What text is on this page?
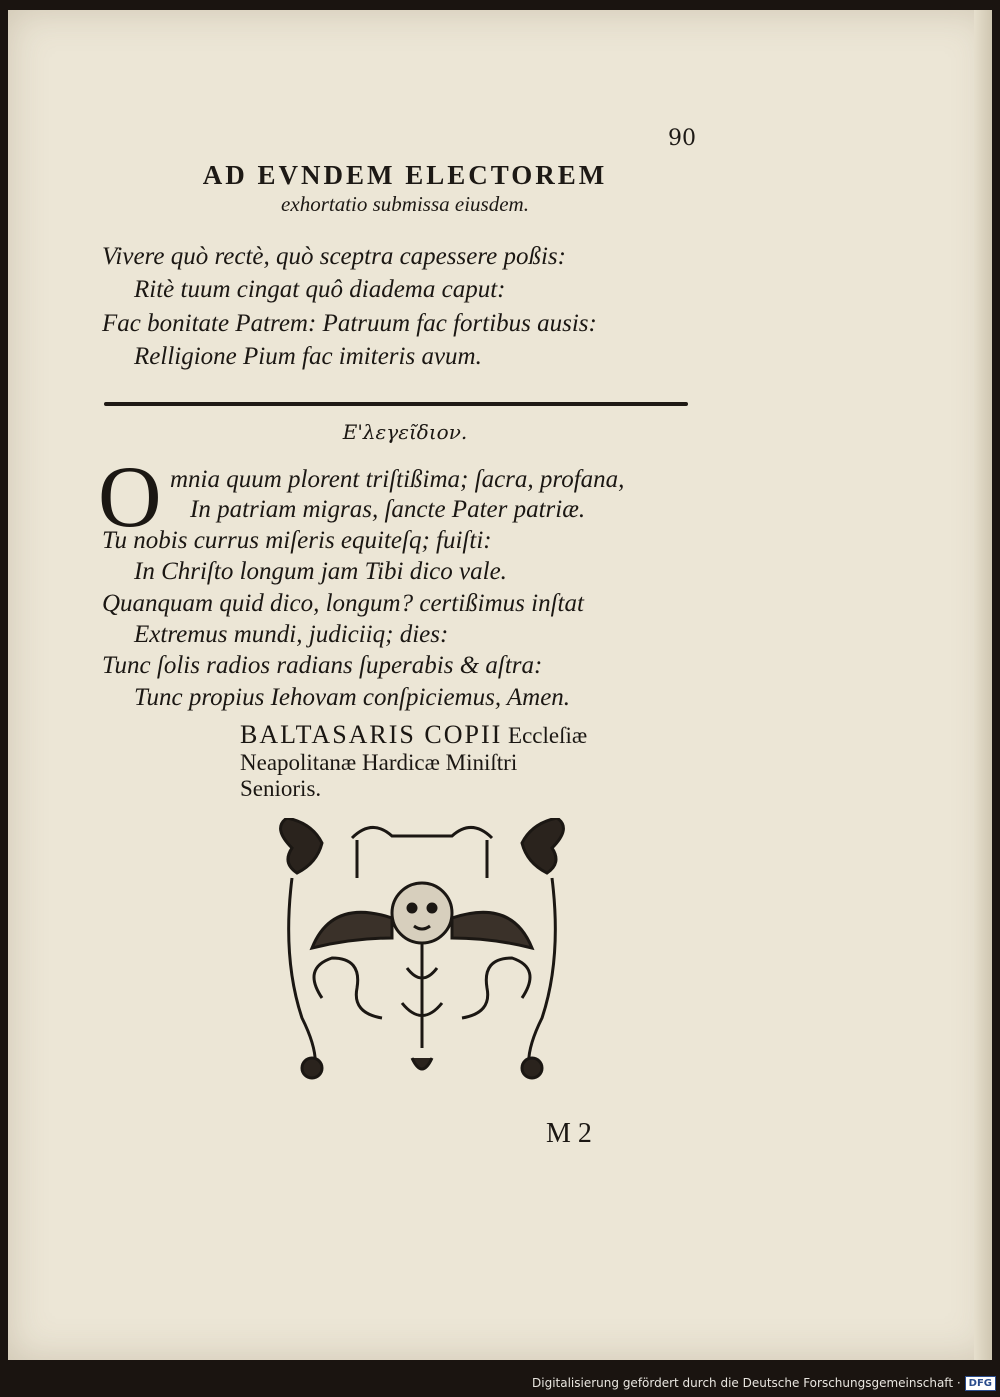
90
AD EVNDEM ELECTOREM
exhortatio submissa eiusdem.
Vivere quò rectè, quò sceptra capessere poßis:
Ritè tuum cingat quô diadema caput:
Fac bonitate Patrem: Patruum fac fortibus ausis:
Relligione Pium fac imiteris avum.
Ε'λεγεῖδιον.
O mnia quum plorent triſtißima; ſacra, profana,
In patriam migras, ſancte Pater patriæ.
Tu nobis currus miſeris equiteſq; fuiſti:
In Chriſto longum jam Tibi dico vale.
Quanquam quid dico, longum? certißimus inſtat
Extremus mundi, judiciiq; dies:
Tunc ſolis radios radians ſuperabis & aſtra:
Tunc propius Iehovam conſpiciemus, Amen.
BALTASARIS COPII Eccleſiæ
Neapolitanæ Hardicæ Miniſtri
Senioris.
M 2
Digitalisierung gefördert durch die Deutsche Forschungsgemeinschaft · DFG
